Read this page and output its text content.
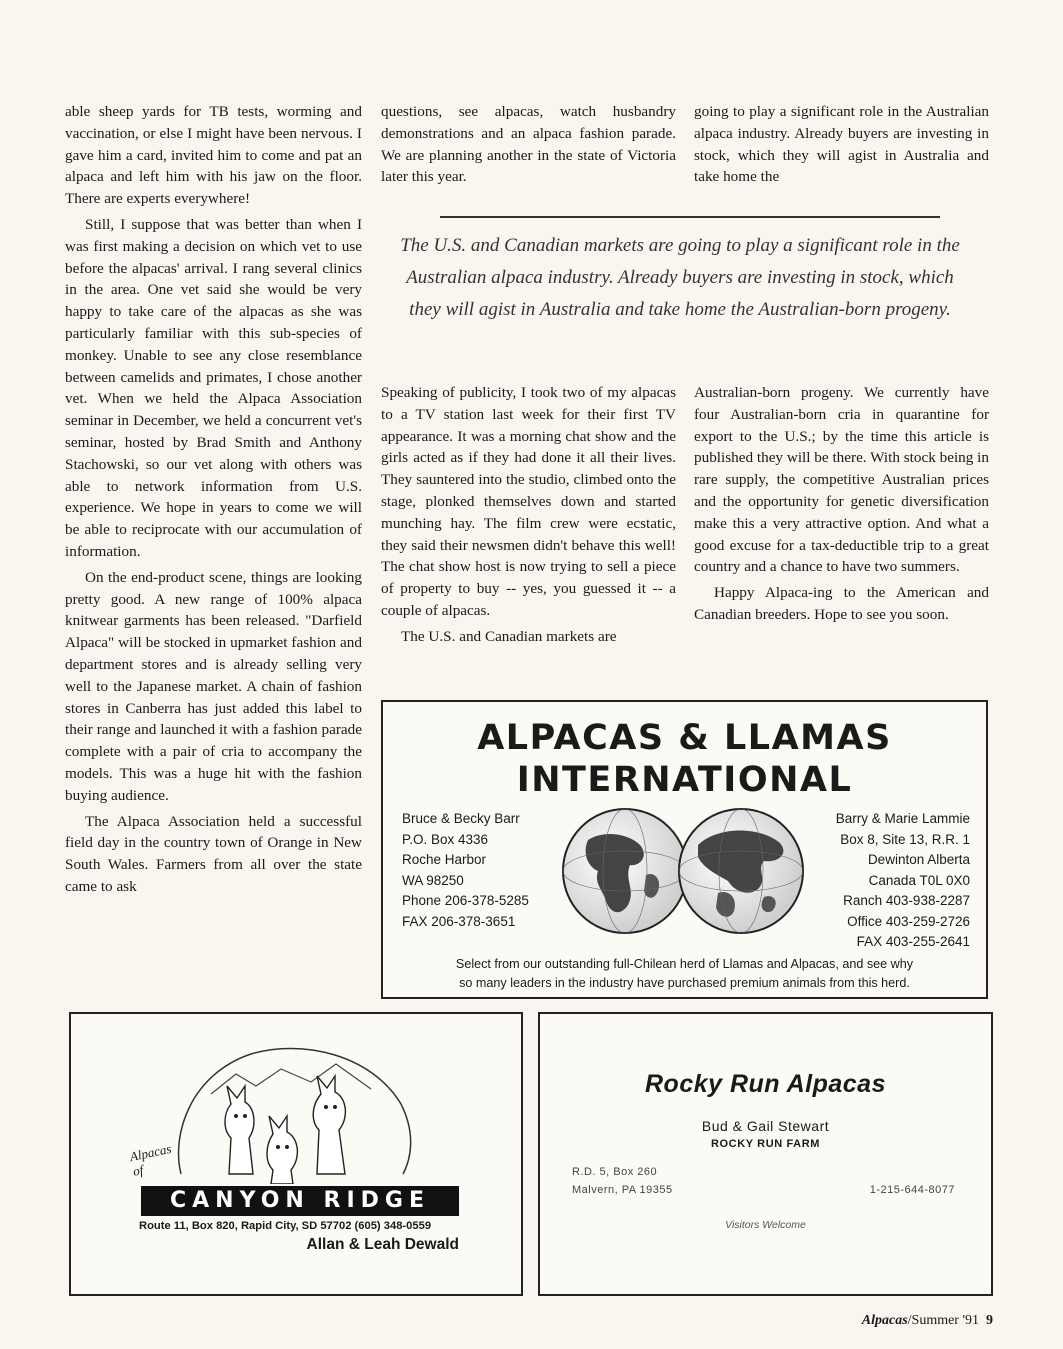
able sheep yards for TB tests, worming and vaccination, or else I might have been nervous. I gave him a card, invited him to come and pat an alpaca and left him with his jaw on the floor. There are experts everywhere!

Still, I suppose that was better than when I was first making a decision on which vet to use before the alpacas' arrival. I rang several clinics in the area. One vet said she would be very happy to take care of the alpacas as she was particularly familiar with this sub-species of monkey. Unable to see any close resemblance between camelids and primates, I chose another vet. When we held the Alpaca Association seminar in December, we held a concurrent vet's seminar, hosted by Brad Smith and Anthony Stachowski, so our vet along with others was able to network information from U.S. experience. We hope in years to come we will be able to reciprocate with our accumulation of information.

On the end-product scene, things are looking pretty good. A new range of 100% alpaca knitwear garments has been released. "Darfield Alpaca" will be stocked in upmarket fashion and department stores and is already selling very well to the Japanese market. A chain of fashion stores in Canberra has just added this label to their range and launched it with a fashion parade complete with a pair of cria to accompany the models. This was a huge hit with the fashion buying audience.

The Alpaca Association held a successful field day in the country town of Orange in New South Wales. Farmers from all over the state came to ask

questions, see alpacas, watch husbandry demonstrations and an alpaca fashion parade. We are planning another in the state of Victoria later this year.

going to play a significant role in the Australian alpaca industry. Already buyers are investing in stock, which they will agist in Australia and take home the

The U.S. and Canadian markets are going to play a significant role in the Australian alpaca industry. Already buyers are investing in stock, which they will agist in Australia and take home the Australian-born progeny.

Speaking of publicity, I took two of my alpacas to a TV station last week for their first TV appearance. It was a morning chat show and the girls acted as if they had done it all their lives. They sauntered into the studio, climbed onto the stage, plonked themselves down and started munching hay. The film crew were ecstatic, they said their newsmen didn't behave this well! The chat show host is now trying to sell a piece of property to buy -- yes, you guessed it -- a couple of alpacas.

The U.S. and Canadian markets are

Australian-born progeny. We currently have four Australian-born cria in quarantine for export to the U.S.; by the time this article is published they will be there. With stock being in rare supply, the competitive Australian prices and the opportunity for genetic diversification make this a very attractive option. And what a good excuse for a tax-deductible trip to a great country and a chance to have two summers.

Happy Alpaca-ing to the American and Canadian breeders. Hope to see you soon.

ALPACAS & LLAMAS
INTERNATIONAL
Bruce & Becky Barr
P.O. Box 4336
Roche Harbor
WA 98250
Phone 206-378-5285
FAX 206-378-3651
Barry & Marie Lammie
Box 8, Site 13, R.R. 1
Dewinton Alberta
Canada T0L 0X0
Ranch 403-938-2287
Office 403-259-2726
FAX 403-255-2641
Select from our outstanding full-Chilean herd of Llamas and Alpacas, and see why
so many leaders in the industry have purchased premium animals from this herd.
Alpacas of
CANYON RIDGE
Route 11, Box 820, Rapid City, SD 57702 (605) 348-0559
Allan & Leah Dewald
Rocky Run Alpacas
Bud & Gail Stewart
ROCKY RUN FARM
R.D. 5, Box 260
Malvern, PA 19355	1-215-644-8077
Visitors Welcome
Alpacas/Summer '91 9
